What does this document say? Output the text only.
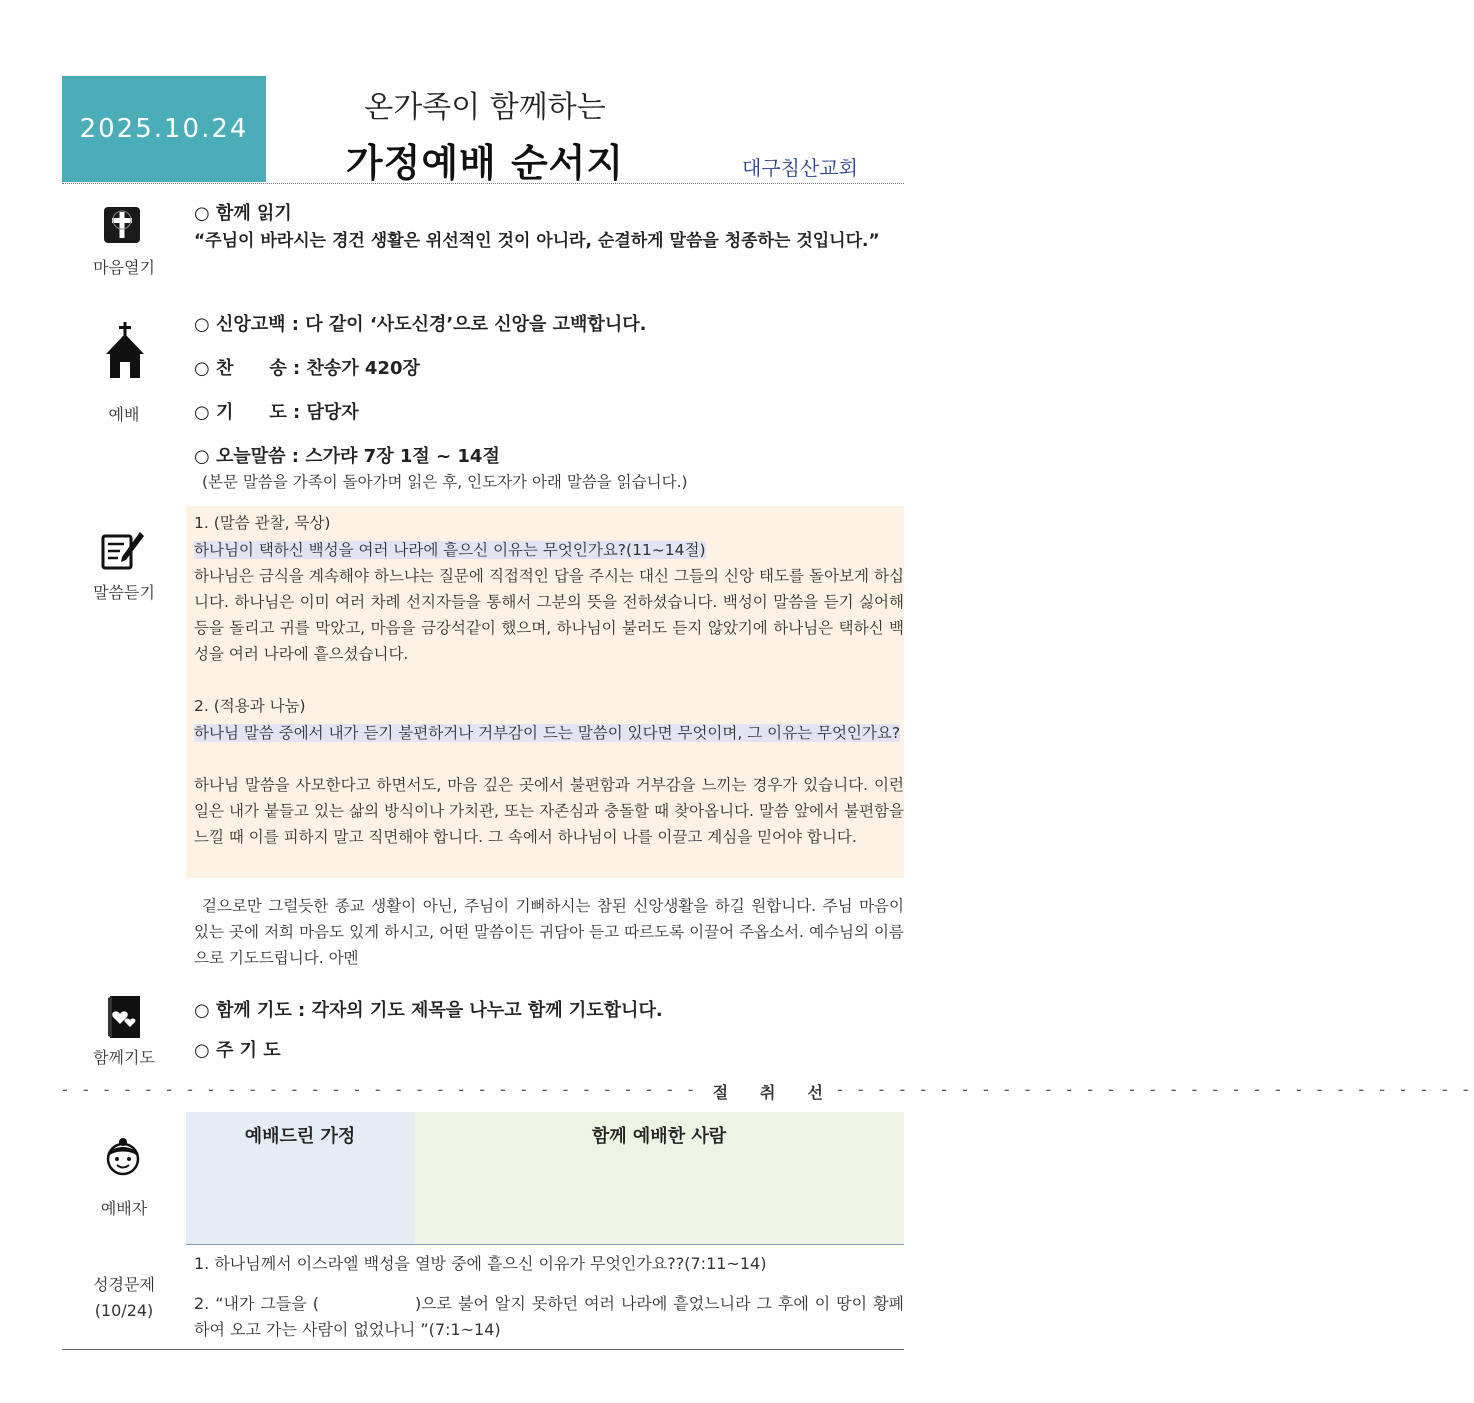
2025.10.24
온가족이 함께하는
가정예배 순서지	대구침산교회
마음열기
○ 함께 읽기
“주님이 바라시는 경건 생활은 위선적인 것이 아니라, 순결하게 말씀을 청종하는 것입니다.”
예배
○ 신앙고백 : 다 같이 ‘사도신경’으로 신앙을 고백합니다.
○ 찬　　송 : 찬송가 420장
○ 기　　도 : 담당자
○ 오늘말씀 : 스가랴 7장 1절 ~ 14절
(본문 말씀을 가족이 돌아가며 읽은 후, 인도자가 아래 말씀을 읽습니다.)
말씀듣기
1. (말씀 관찰, 묵상)
하나님이 택하신 백성을 여러 나라에 흩으신 이유는 무엇인가요?(11~14절)
하나님은 금식을 계속해야 하느냐는 질문에 직접적인 답을 주시는 대신 그들의 신앙 태도를 돌아보게 하십니다. 하나님은 이미 여러 차례 선지자들을 통해서 그분의 뜻을 전하셨습니다. 백성이 말씀을 듣기 싫어해 등을 돌리고 귀를 막았고, 마음을 금강석같이 했으며, 하나님이 불러도 듣지 않았기에 하나님은 택하신 백성을 여러 나라에 흩으셨습니다.
2. (적용과 나눔)
하나님 말씀 중에서 내가 듣기 불편하거나 거부감이 드는 말씀이 있다면 무엇이며, 그 이유는 무엇인가요?
하나님 말씀을 사모한다고 하면서도, 마음 깊은 곳에서 불편함과 거부감을 느끼는 경우가 있습니다. 이런 일은 내가 붙들고 있는 삶의 방식이나 가치관, 또는 자존심과 충돌할 때 찾아옵니다. 말씀 앞에서 불편함을 느낄 때 이를 피하지 말고 직면해야 합니다. 그 속에서 하나님이 나를 이끌고 계심을 믿어야 합니다.
겉으로만 그럴듯한 종교 생활이 아닌, 주님이 기뻐하시는 참된 신앙생활을 하길 원합니다. 주님 마음이 있는 곳에 저희 마음도 있게 하시고, 어떤 말씀이든 귀담아 듣고 따르도록 이끌어 주옵소서. 예수님의 이름으로 기도드립니다. 아멘
함께기도
○ 함께 기도 : 각자의 기도 제목을 나누고 함께 기도합니다.
○ 주 기 도
- - - - - - - - - - - - - - - - - - - - - - - - - - - - - - - 절　　취　　선 - - - - - - - - - - - - - - - - - - - - - - - - - - - - - - -
예배자
예배드린 가정	함께 예배한 사람
성경문제
(10/24)
1. 하나님께서 이스라엘 백성을 열방 중에 흩으신 이유가 무엇인가요??(7:11~14)
2. “내가 그들을 (	)으로 불어 알지 못하던 여러 나라에 흩었느니라 그 후에 이 땅이 황폐하여 오고 가는 사람이 없었나니 ”(7:1~14)
